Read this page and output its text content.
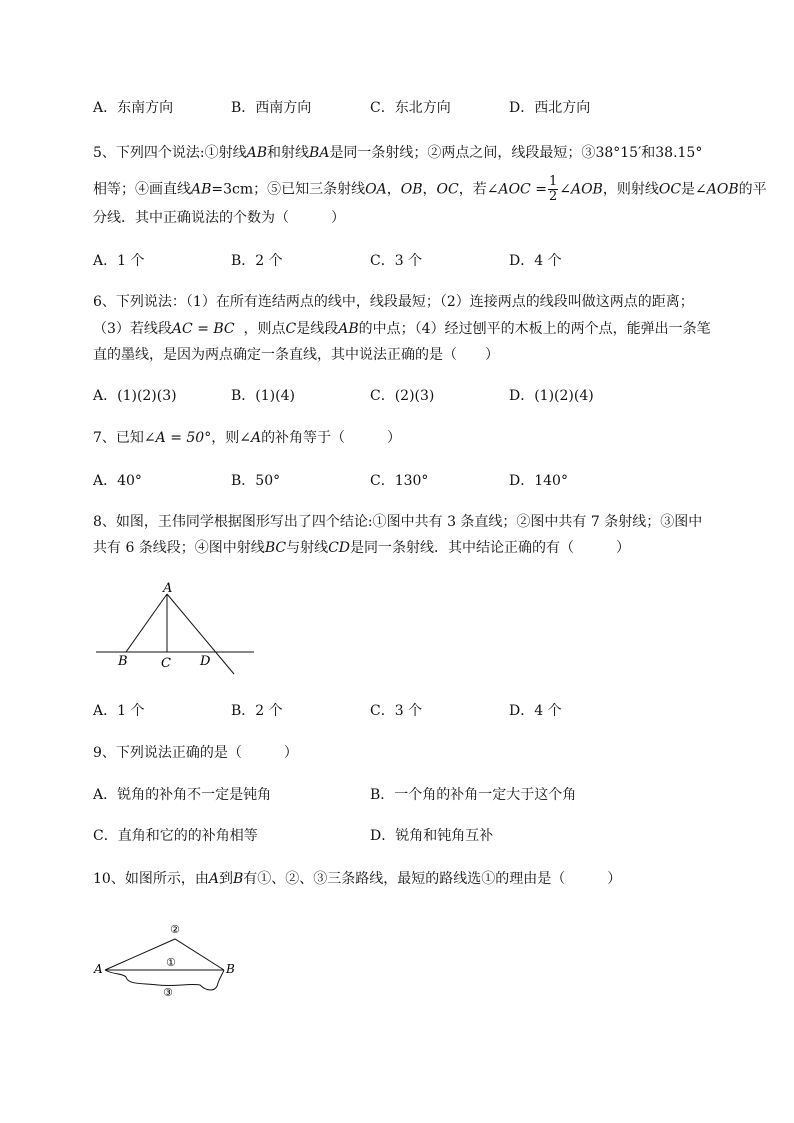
A．东南方向	B．西南方向	C．东北方向	D．西北方向
5、下列四个说法:①射线AB和射线BA是同一条射线；②两点之间，线段最短；③38°15′和38.15°
相等；④画直线AB=3cm；⑤已知三条射线OA，OB，OC，若∠AOC = $\frac{1}{2}$ ∠AOB，则射线OC是∠AOB的平
分线．其中正确说法的个数为（　　　）
A．1 个	B．2 个	C．3 个	D．4 个
6、下列说法：（1）在所有连结两点的线中，线段最短；（2）连接两点的线段叫做这两点的距离；
（3）若线段AC = BC ，则点C是线段AB的中点；（4）经过刨平的木板上的两个点，能弹出一条笔
直的墨线，是因为两点确定一条直线，其中说法正确的是（　　）
A．(1)(2)(3)	B．(1)(4)	C．(2)(3)	D．(1)(2)(4)
7、已知∠A = 50°，则∠A的补角等于（　　　）
A．40°	B．50°	C．130°	D．140°
8、如图，王伟同学根据图形写出了四个结论:①图中共有 3 条直线；②图中共有 7 条射线；③图中
共有 6 条线段；④图中射线BC与射线CD是同一条射线．其中结论正确的有（　　　）
A
B	C D
A．1 个	B．2 个	C．3 个	D．4 个
9、下列说法正确的是（　　　）
A．锐角的补角不一定是钝角	B．一个角的补角一定大于这个角
C．直角和它的的补角相等	D．锐角和钝角互补
10、如图所示，由A到B有①、②、③三条路线，最短的路线选①的理由是（　　　）
②
①
③
A	B
